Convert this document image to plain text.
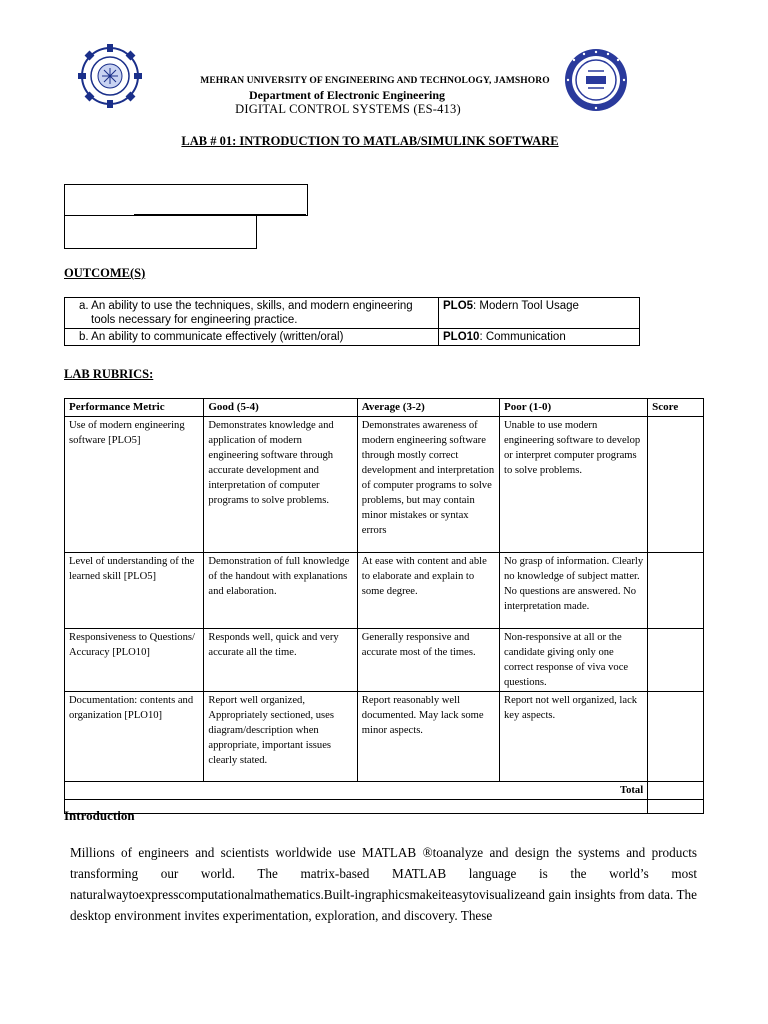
MEHRAN UNIVERSITY OF ENGINEERING AND TECHNOLOGY, JAMSHORO
Department of Electronic Engineering
DIGITAL CONTROL SYSTEMS (ES-413)
LAB # 01: INTRODUCTION TO MATLAB/SIMULINK SOFTWARE
OUTCOME(S)
a. An ability to use the techniques, skills, and modern engineering tools necessary for engineering practice.	PLO5: Modern Tool Usage

b. An ability to communicate effectively (written/oral)	PLO10: Communication
LAB RUBRICS:
Performance Metric	Good (5-4)	Average (3-2)	Poor (1-0)	Score
Use of modern engineering software [PLO5]	Demonstrates knowledge and application of modern engineering software through accurate development and interpretation of computer programs to solve problems.	Demonstrates awareness of modern engineering software through mostly correct development and interpretation of computer programs to solve problems, but may contain minor mistakes or syntax errors	Unable to use modern engineering software to develop or interpret computer programs to solve problems.	
Level of understanding of the learned skill [PLO5]	Demonstration of full knowledge of the handout with explanations and elaboration.	At ease with content and able to elaborate and explain to some degree.	No grasp of information. Clearly no knowledge of subject matter. No questions are answered. No interpretation made.	
Responsiveness to Questions/ Accuracy [PLO10]	Responds well, quick and very accurate all the time.	Generally responsive and accurate most of the times.	Non-responsive at all or the candidate giving only one correct response of viva voce questions.	
Documentation: contents and organization [PLO10]	Report well organized, Appropriately sectioned, uses diagram/description when appropriate, important issues clearly stated.	Report reasonably well documented. May lack some minor aspects.	Report not well organized, lack key aspects.	
Total				

Introduction
Millions of engineers and scientists worldwide use MATLAB ®toanalyze and design the systems and products transforming our world. The matrix-based MATLAB language is the world’s most naturalwaytoexpresscomputationalmathematics.Built-ingraphicsmakeiteasytovisualizeand gain insights from data. The desktop environment invites experimentation, exploration, and discovery. These
